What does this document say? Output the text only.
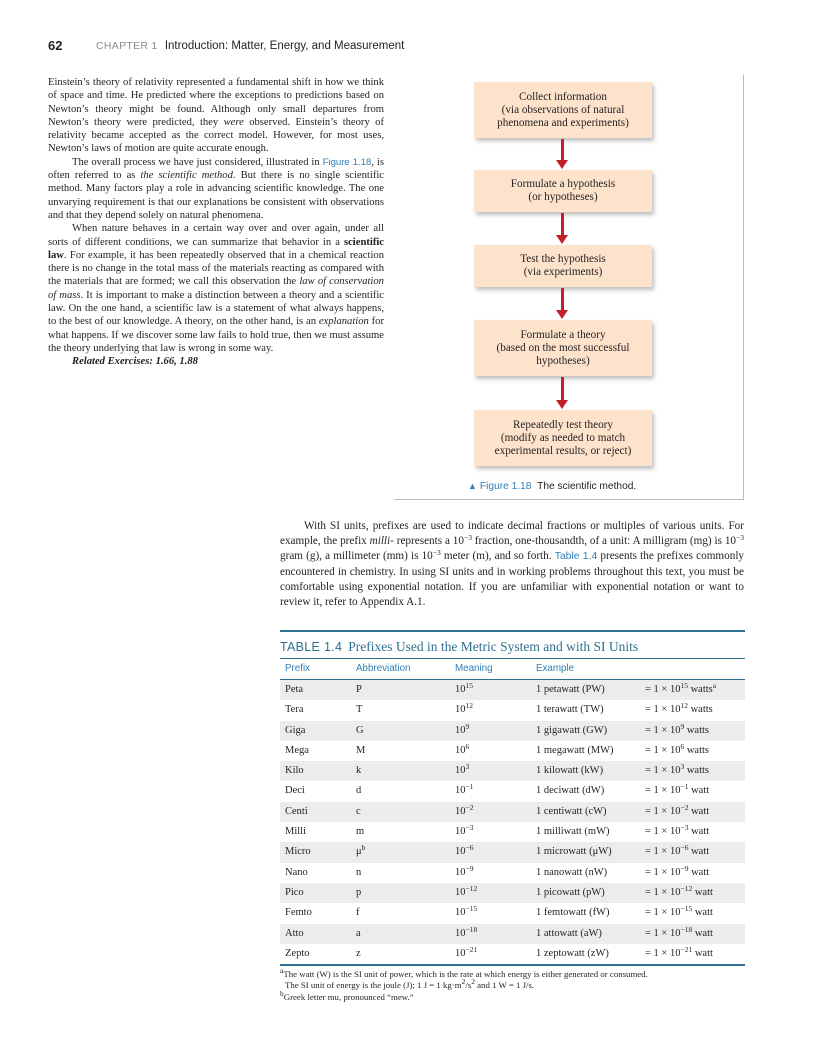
62	CHAPTER 1 Introduction: Matter, Energy, and Measurement

Einstein’s theory of relativity represented a fundamental shift in how we think of space and time. He predicted where the exceptions to predictions based on Newton’s theory might be found. Although only small departures from Newton’s theory were predicted, they were observed. Einstein’s theory of relativity became accepted as the correct model. However, for most uses, Newton’s laws of motion are quite accurate enough.

The overall process we have just considered, illustrated in Figure 1.18, is often referred to as the scientific method. But there is no single scientific method. Many factors play a role in advancing scientific knowledge. The one unvarying requirement is that our explanations be consistent with observations and that they depend solely on natural phenomena.

When nature behaves in a certain way over and over again, under all sorts of different conditions, we can summarize that behavior in a scientific law. For example, it has been repeatedly observed that in a chemical reaction there is no change in the total mass of the materials reacting as compared with the materials that are formed; we call this observation the law of conservation of mass. It is important to make a distinction between a theory and a scientific law. On the one hand, a scientific law is a statement of what always happens, to the best of our knowledge. A theory, on the other hand, is an explanation for what happens. If we discover some law fails to hold true, then we must assume the theory underlying that law is wrong in some way.

Related Exercises: 1.66, 1.88

Collect information
(via observations of natural phenomena and experiments)
Formulate a hypothesis
(or hypotheses)
Test the hypothesis
(via experiments)
Formulate a theory
(based on the most successful hypotheses)
Repeatedly test theory
(modify as needed to match experimental results, or reject)
▲ Figure 1.18 The scientific method.

With SI units, prefixes are used to indicate decimal fractions or multiples of various units. For example, the prefix milli- represents a $10^{-3}$ fraction, one-thousandth, of a unit: A milligram (mg) is $10^{-3}$ gram (g), a millimeter (mm) is $10^{-3}$ meter (m), and so forth. Table 1.4 presents the prefixes commonly encountered in chemistry. In using SI units and in working problems throughout this text, you must be comfortable using exponential notation. If you are unfamiliar with exponential notation or want to review it, refer to Appendix A.1.

TABLE 1.4 Prefixes Used in the Metric System and with SI Units
Prefix	Abbreviation	Meaning	Example
Peta	P	$10^{15}$	1 petawatt (PW)	= $1 \times 10^{15}$ watts$^a$
Tera	T	$10^{12}$	1 terawatt (TW)	= $1 \times 10^{12}$ watts
Giga	G	$10^9$	1 gigawatt (GW)	= $1 \times 10^9$ watts
Mega	M	$10^6$	1 megawatt (MW)	= $1 \times 10^6$ watts
Kilo	k	$10^3$	1 kilowatt (kW)	= $1 \times 10^3$ watts
Deci	d	$10^{-1}$	1 deciwatt (dW)	= $1 \times 10^{-1}$ watt
Centi	c	$10^{-2}$	1 centiwatt (cW)	= $1 \times 10^{-2}$ watt
Milli	m	$10^{-3}$	1 milliwatt (mW)	= $1 \times 10^{-3}$ watt
Micro	$\mu^b$	$10^{-6}$	1 microwatt (μW)	= $1 \times 10^{-6}$ watt
Nano	n	$10^{-9}$	1 nanowatt (nW)	= $1 \times 10^{-9}$ watt
Pico	p	$10^{-12}$	1 picowatt (pW)	= $1 \times 10^{-12}$ watt
Femto	f	$10^{-15}$	1 femtowatt (fW)	= $1 \times 10^{-15}$ watt
Atto	a	$10^{-18}$	1 attowatt (aW)	= $1 \times 10^{-18}$ watt
Zepto	z	$10^{-21}$	1 zeptowatt (zW)	= $1 \times 10^{-21}$ watt
$^a$The watt (W) is the SI unit of power, which is the rate at which energy is either generated or consumed.
The SI unit of energy is the joule (J); 1 J = 1 $kg\cdot m^2/s^2$ and 1 W = 1 J/s.
$^b$Greek letter mu, pronounced “mew.”
